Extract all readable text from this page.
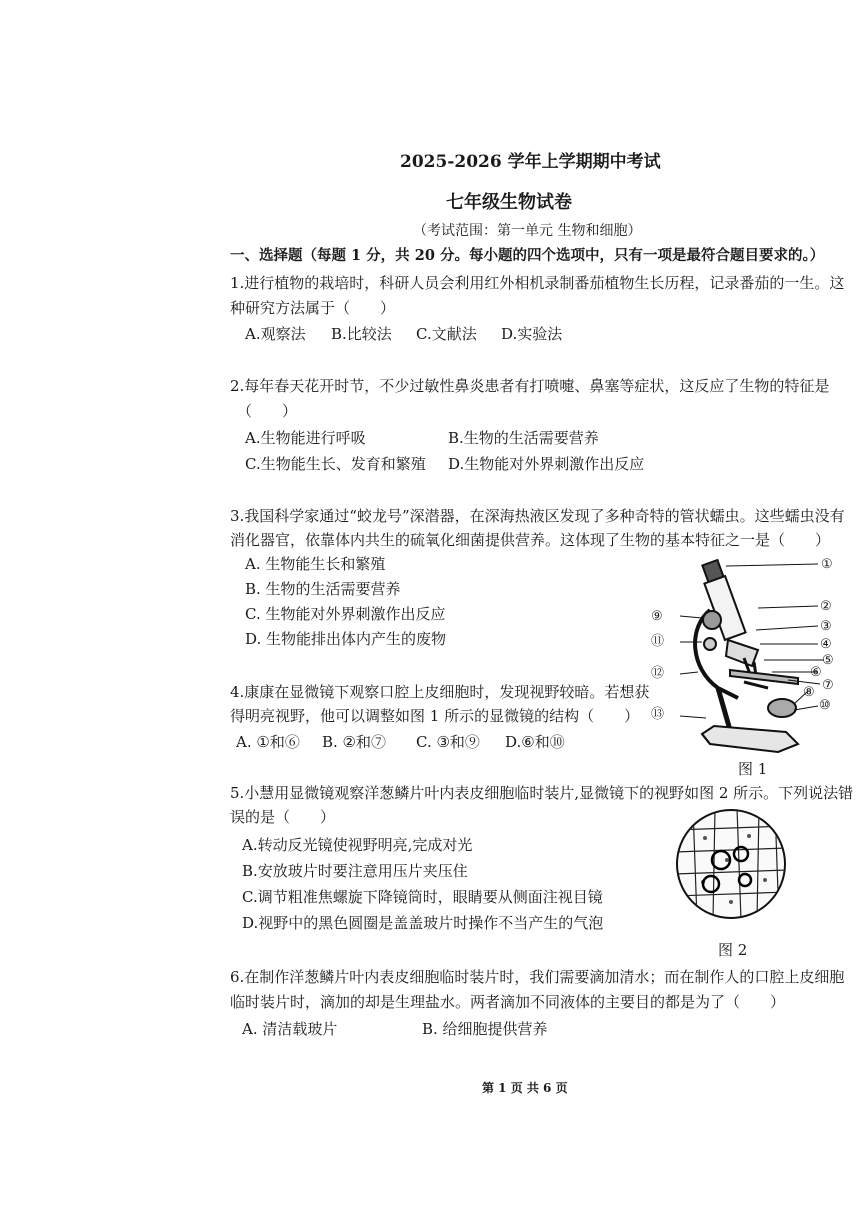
2025-2026 学年上学期期中考试
七年级生物试卷
（考试范围：第一单元 生物和细胞）
一、选择题（每题 1 分，共 20 分。每小题的四个选项中，只有一项是最符合题目要求的。）
1.进行植物的栽培时，科研人员会利用红外相机录制番茄植物生长历程，记录番茄的一生。这
种研究方法属于（　　）
A.观察法 B.比较法 C.文献法 D.实验法
2.每年春天花开时节，不少过敏性鼻炎患者有打喷嚏、鼻塞等症状，这反应了生物的特征是
（　　）
A.生物能进行呼吸	B.生物的生活需要营养
C.生物能生长、发育和繁殖 D.生物能对外界刺激作出反应
3.我国科学家通过“蛟龙号”深潜器，在深海热液区发现了多种奇特的管状蠕虫。这些蠕虫没有
消化器官，依靠体内共生的硫氧化细菌提供营养。这体现了生物的基本特征之一是（　　）
A. 生物能生长和繁殖
B. 生物的生活需要营养
C. 生物能对外界刺激作出反应
D. 生物能排出体内产生的废物
4.康康在显微镜下观察口腔上皮细胞时，发现视野较暗。若想获
得明亮视野，他可以调整如图 1 所示的显微镜的结构（　　）
A. ①和⑥ B. ②和⑦ C. ③和⑨ D.⑥和⑩
①
②
③
④
⑤
⑥
⑦
⑧
⑩
⑨
⑪
⑫
⑬
图 1
5.小慧用显微镜观察洋葱鳞片叶内表皮细胞临时装片,显微镜下的视野如图 2 所示。下列说法错
误的是（　　）
A.转动反光镜使视野明亮,完成对光
B.安放玻片时要注意用压片夹压住
C.调节粗准焦螺旋下降镜筒时，眼睛要从侧面注视目镜
D.视野中的黑色圆圈是盖盖玻片时操作不当产生的气泡
图 2
6.在制作洋葱鳞片叶内表皮细胞临时装片时，我们需要滴加清水；而在制作人的口腔上皮细胞
临时装片时，滴加的却是生理盐水。两者滴加不同液体的主要目的都是为了（　　）
A. 清洁载玻片	B. 给细胞提供营养
第 1 页 共 6 页
